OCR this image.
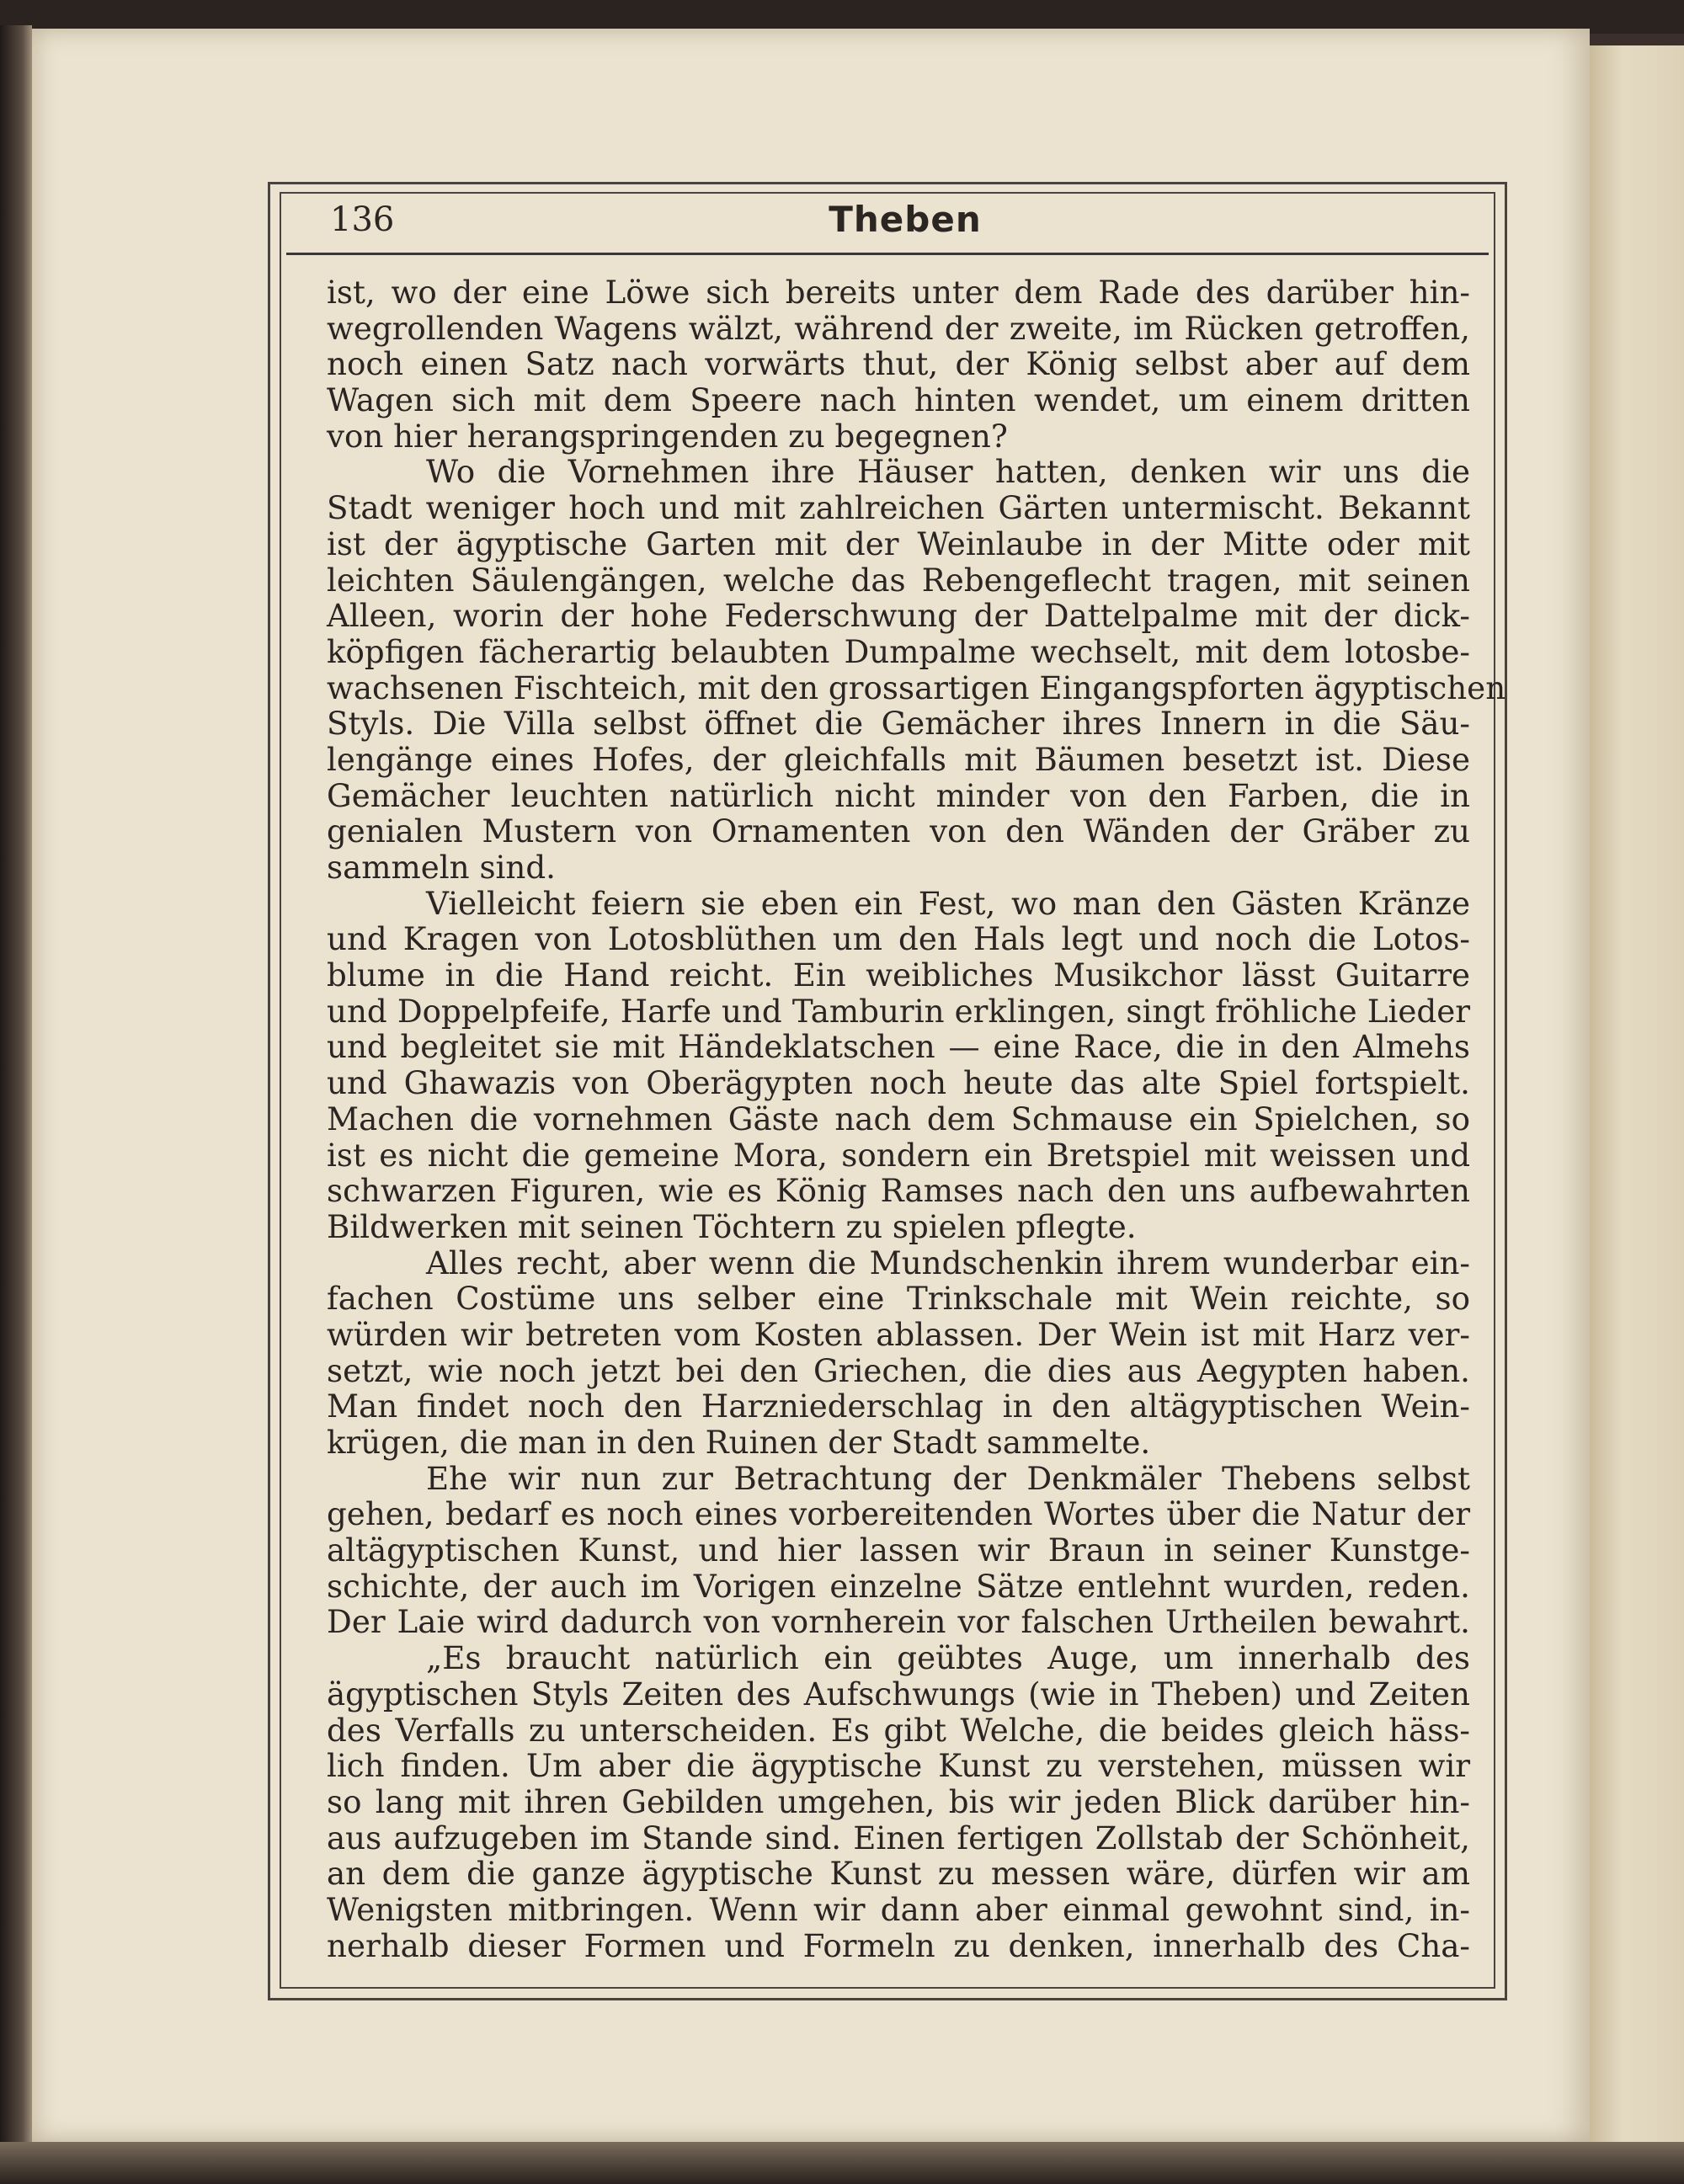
136	Theben
ist, wo der eine Löwe sich bereits unter dem Rade des darüber hin-
wegrollenden Wagens wälzt, während der zweite, im Rücken getroffen,
noch einen Satz nach vorwärts thut, der König selbst aber auf dem
Wagen sich mit dem Speere nach hinten wendet, um einem dritten
von hier herangspringenden zu begegnen?
Wo die Vornehmen ihre Häuser hatten, denken wir uns die
Stadt weniger hoch und mit zahlreichen Gärten untermischt. Bekannt
ist der ägyptische Garten mit der Weinlaube in der Mitte oder mit
leichten Säulengängen, welche das Rebengeflecht tragen, mit seinen
Alleen, worin der hohe Federschwung der Dattelpalme mit der dick-
köpfigen fächerartig belaubten Dumpalme wechselt, mit dem lotosbe-
wachsenen Fischteich, mit den grossartigen Eingangspforten ägyptischen
Styls. Die Villa selbst öffnet die Gemächer ihres Innern in die Säu-
lengänge eines Hofes, der gleichfalls mit Bäumen besetzt ist. Diese
Gemächer leuchten natürlich nicht minder von den Farben, die in
genialen Mustern von Ornamenten von den Wänden der Gräber zu
sammeln sind.
Vielleicht feiern sie eben ein Fest, wo man den Gästen Kränze
und Kragen von Lotosblüthen um den Hals legt und noch die Lotos-
blume in die Hand reicht. Ein weibliches Musikchor lässt Guitarre
und Doppelpfeife, Harfe und Tamburin erklingen, singt fröhliche Lieder
und begleitet sie mit Händeklatschen — eine Race, die in den Almehs
und Ghawazis von Oberägypten noch heute das alte Spiel fortspielt.
Machen die vornehmen Gäste nach dem Schmause ein Spielchen, so
ist es nicht die gemeine Mora, sondern ein Bretspiel mit weissen und
schwarzen Figuren, wie es König Ramses nach den uns aufbewahrten
Bildwerken mit seinen Töchtern zu spielen pflegte.
Alles recht, aber wenn die Mundschenkin ihrem wunderbar ein-
fachen Costüme uns selber eine Trinkschale mit Wein reichte, so
würden wir betreten vom Kosten ablassen. Der Wein ist mit Harz ver-
setzt, wie noch jetzt bei den Griechen, die dies aus Aegypten haben.
Man findet noch den Harzniederschlag in den altägyptischen Wein-
krügen, die man in den Ruinen der Stadt sammelte.
Ehe wir nun zur Betrachtung der Denkmäler Thebens selbst
gehen, bedarf es noch eines vorbereitenden Wortes über die Natur der
altägyptischen Kunst, und hier lassen wir Braun in seiner Kunstge-
schichte, der auch im Vorigen einzelne Sätze entlehnt wurden, reden.
Der Laie wird dadurch von vornherein vor falschen Urtheilen bewahrt.
„Es braucht natürlich ein geübtes Auge, um innerhalb des
ägyptischen Styls Zeiten des Aufschwungs (wie in Theben) und Zeiten
des Verfalls zu unterscheiden. Es gibt Welche, die beides gleich häss-
lich finden. Um aber die ägyptische Kunst zu verstehen, müssen wir
so lang mit ihren Gebilden umgehen, bis wir jeden Blick darüber hin-
aus aufzugeben im Stande sind. Einen fertigen Zollstab der Schönheit,
an dem die ganze ägyptische Kunst zu messen wäre, dürfen wir am
Wenigsten mitbringen. Wenn wir dann aber einmal gewohnt sind, in-
nerhalb dieser Formen und Formeln zu denken, innerhalb des Cha-
